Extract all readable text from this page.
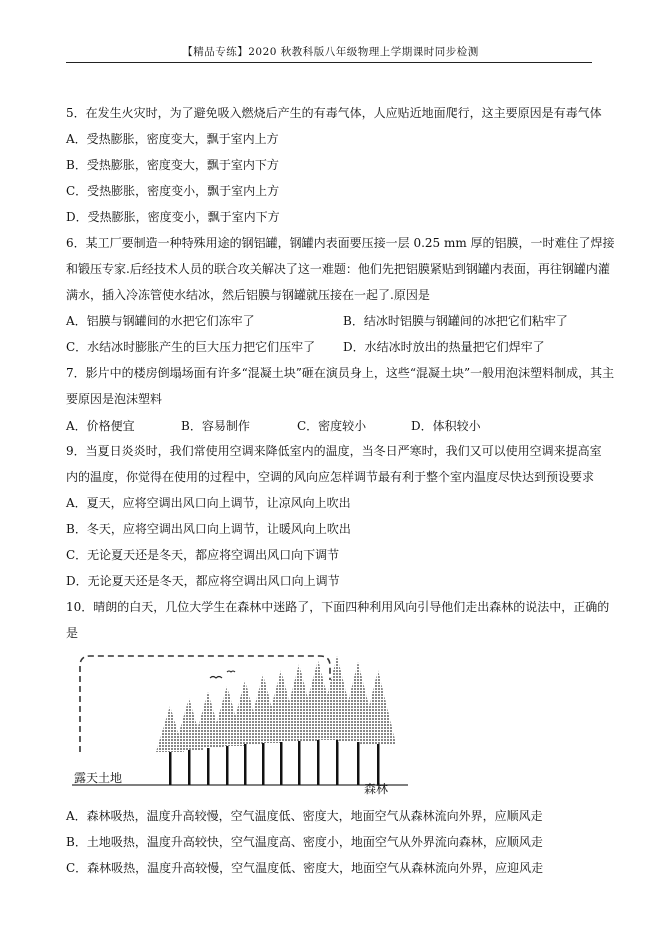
【精品专练】2020 秋教科版八年级物理上学期课时同步检测
5．在发生火灾时，为了避免吸入燃烧后产生的有毒气体，人应贴近地面爬行，这主要原因是有毒气体
A．受热膨胀，密度变大，飘于室内上方
B．受热膨胀，密度变大，飘于室内下方
C．受热膨胀，密度变小，飘于室内上方
D．受热膨胀，密度变小，飘于室内下方
6．某工厂要制造一种特殊用途的钢铝罐，钢罐内表面要压接一层 0.25 mm 厚的铝膜，一时难住了焊接
和锻压专家.后经技术人员的联合攻关解决了这一难题：他们先把铝膜紧贴到钢罐内表面，再往钢罐内灌
满水，插入冷冻管使水结冰，然后铝膜与钢罐就压接在一起了.原因是
A．铝膜与钢罐间的水把它们冻牢了	B．结冰时铝膜与钢罐间的冰把它们粘牢了
C．水结冰时膨胀产生的巨大压力把它们压牢了 D．水结冰时放出的热量把它们焊牢了
7．影片中的楼房倒塌场面有许多“混凝土块”砸在演员身上，这些“混凝土块”一般用泡沫塑料制成，其主
要原因是泡沫塑料
A．价格便宜	B．容易制作	C．密度较小	D．体积较小
9．当夏日炎炎时，我们常使用空调来降低室内的温度，当冬日严寒时，我们又可以使用空调来提高室
内的温度，你觉得在使用的过程中，空调的风向应怎样调节最有利于整个室内温度尽快达到预设要求
A．夏天，应将空调出风口向上调节，让凉风向上吹出
B．冬天，应将空调出风口向上调节，让暖风向上吹出
C．无论夏天还是冬天，都应将空调出风口向下调节
D．无论夏天还是冬天，都应将空调出风口向上调节
10．晴朗的白天，几位大学生在森林中迷路了，下面四种利用风向引导他们走出森林的说法中，正确的
是
露天土地
森林
A．森林吸热，温度升高较慢，空气温度低、密度大，地面空气从森林流向外界，应顺风走
B．土地吸热，温度升高较快，空气温度高、密度小，地面空气从外界流向森林，应顺风走
C．森林吸热，温度升高较慢，空气温度低、密度大，地面空气从森林流向外界，应迎风走
